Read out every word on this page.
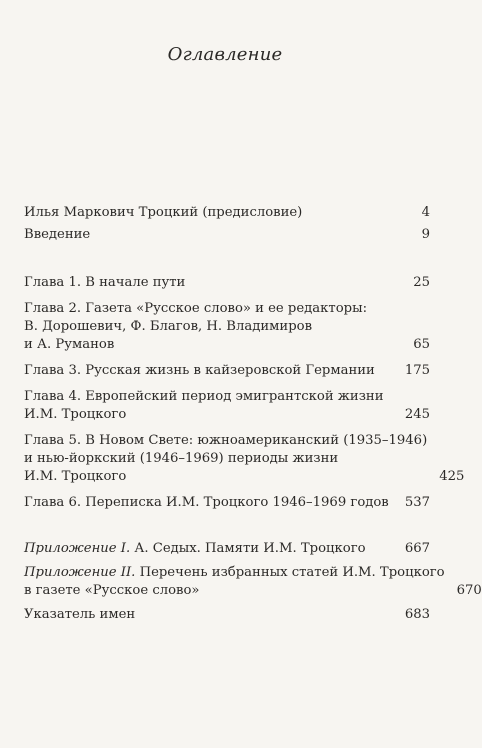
Оглавление
Илья Маркович Троцкий (предисловие)	4
Введение	9
Глава 1. В начале пути	25
Глава 2. Газета «Русское слово» и ее редакторы:
В. Дорошевич, Ф. Благов, Н. Владимиров
и А. Руманов	65
Глава 3. Русская жизнь в кайзеровской Германии	175
Глава 4. Европейский период эмигрантской жизни
И.М. Троцкого	245
Глава 5. В Новом Свете: южноамериканский (1935–1946)
и нью-йоркский (1946–1969) периоды жизни
И.М. Троцкого	425
Глава 6. Переписка И.М. Троцкого 1946–1969 годов	537
Приложение I. А. Седых. Памяти И.М. Троцкого	667
Приложение II. Перечень избранных статей И.М. Троцкого
в газете «Русское слово»	670
Указатель имен	683
